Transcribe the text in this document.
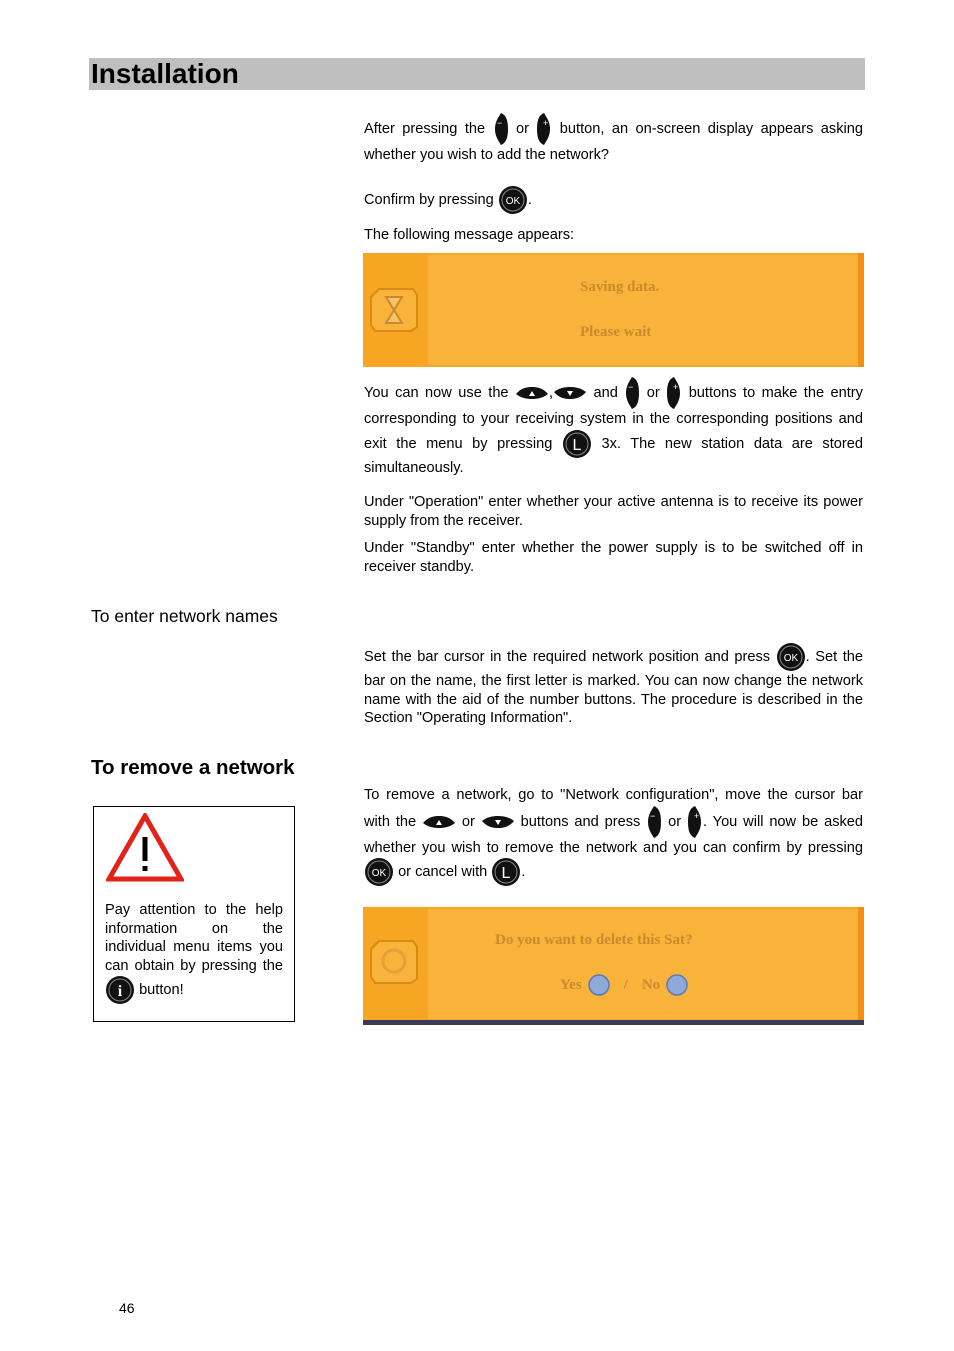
Installation
After pressing the − or + button, an on-screen display appears asking whether you wish to add the network?
Confirm by pressing OK .
The following message appears:
Saving data.
Please wait
You can now use the	,	and − or + buttons to make the entry corresponding to your receiving system in the corresponding positions and exit the menu by pressing L 3x. The new station data are stored simultaneously.
Under "Operation" enter whether your active antenna is to receive its power supply from the receiver.
Under "Standby" enter whether the power supply is to be switched off in receiver standby.
To enter network names
Set the bar cursor in the required network position and press OK . Set the bar on the name, the first letter is marked. You can now change the network name with the aid of the number buttons. The procedure is described in the Section "Operating Information".
To remove a network
To remove a network, go to "Network configuration", move the cursor bar with the	or	buttons and press − or + . You will now be asked whether you wish to remove the network and you can confirm by pressing
OK or cancel with L .
Do you want to delete this Sat?
Yes	/ No
Pay attention to the help information on the individual menu items you can obtain by pressing the
i button!
46
